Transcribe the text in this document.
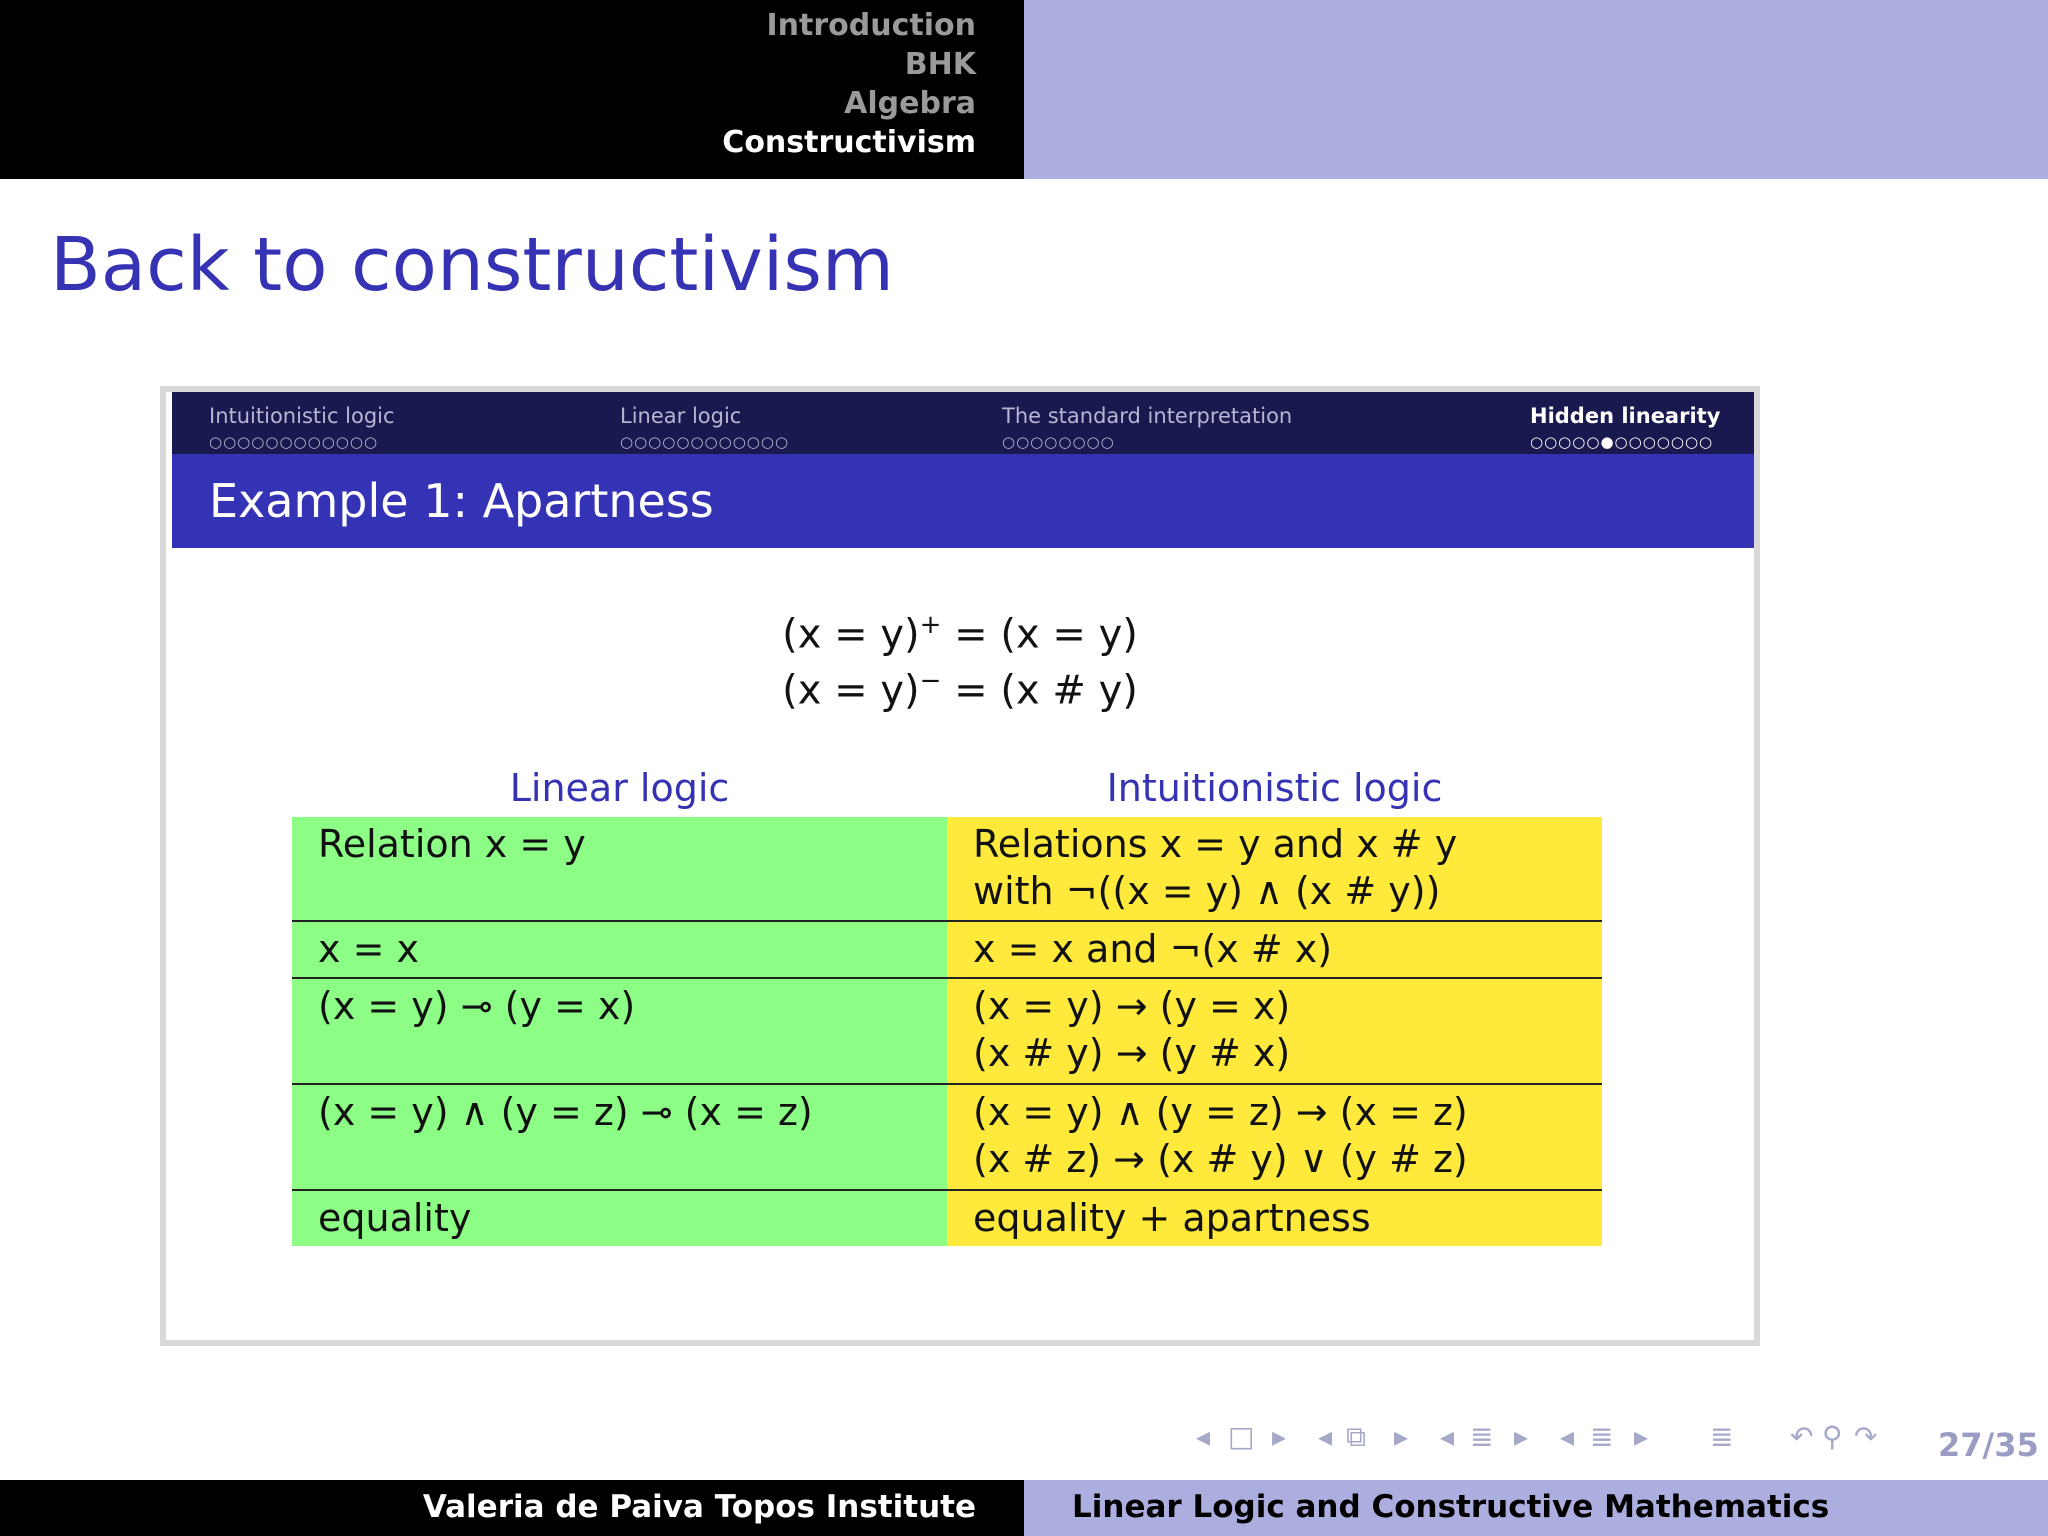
Introduction
BHK
Algebra
Constructivism
Back to constructivism
Intuitionistic logic
○○○○○○○○○○○○
Linear logic
○○○○○○○○○○○○
The standard interpretation
○○○○○○○○
Hidden linearity
○○○○○●○○○○○○○
Example 1: Apartness
(x = y)+ = (x = y)
(x = y)− = (x # y)
Linear logic	Intuitionistic logic
Relation x = y	Relations x = y and x # y
with ¬((x = y) ∧ (x # y))

x = x	x = x and ¬(x # x)

(x = y) ⊸ (y = x)	(x = y) → (y = x)
(x # y) → (y # x)

(x = y) ∧ (y = z) ⊸ (x = z)	(x = y) ∧ (y = z) → (x = z)
(x # z) → (x # y) ∨ (y # z)

equality	equality + apartness
◂ □ ▸ ◂ ⧉ ▸ ◂ ≣ ▸ ◂ ≣ ▸ ≣ ↶ ⚲ ↷ 27/35
Valeria de Paiva Topos Institute	Linear Logic and Constructive Mathematics
